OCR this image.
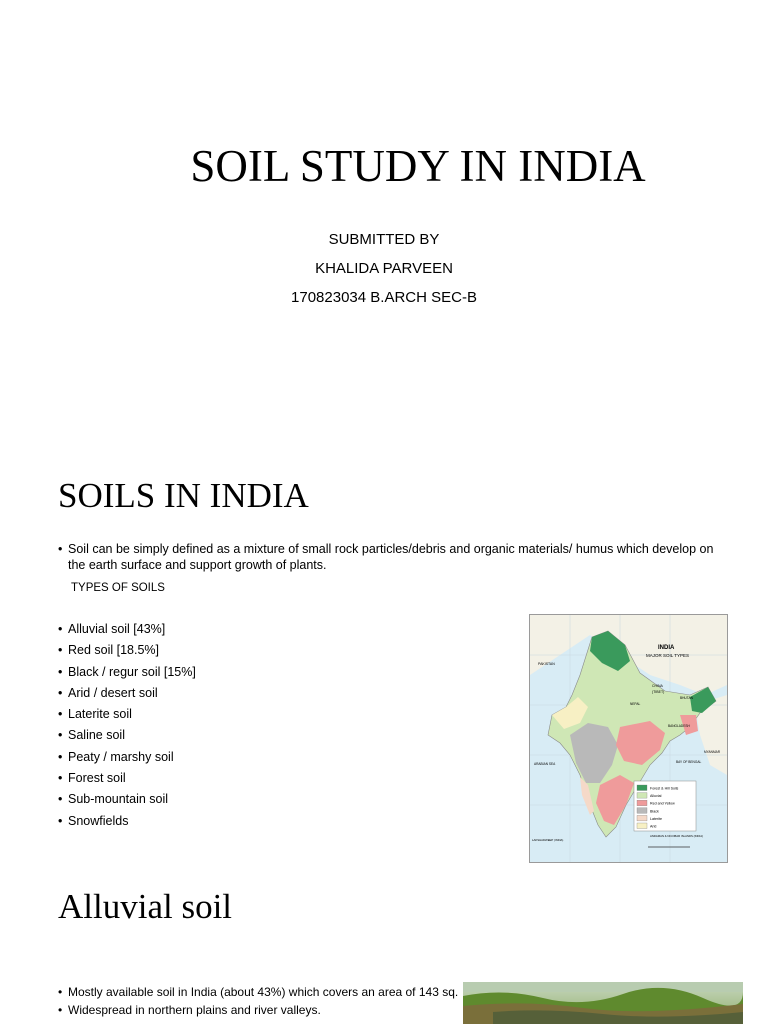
SOIL STUDY IN INDIA
SUBMITTED BY
KHALIDA PARVEEN
170823034 B.ARCH SEC-B
SOILS IN INDIA
• Soil can be simply defined as a mixture of small rock particles/debris and organic materials/ humus which develop on the earth surface and support growth of plants.
TYPES OF SOILS
• Alluvial soil [43%]
• Red soil [18.5%]
• Black / regur soil [15%]
• Arid / desert soil
• Laterite soil
• Saline soil
• Peaty / marshy soil
• Forest soil
• Sub-mountain soil
• Snowfields
INDIA
MAJOR SOIL TYPES
PAKISTAN
CHINA
(TIBET)
NEPAL
BHUTAN
BANGLADESH
MYANMAR
ARABIAN SEA	BAY OF BENGAL
LAKSHADWEEP (INDIA)
ANDAMAN & NICOBAR ISLANDS (INDIA)
Forest & Hill Soils
Alluvial
Red and Yellow
Black
Laterite
Arid
Alluvial soil
• Mostly available soil in India (about 43%) which covers an area of 143 sq.
• Widespread in northern plains and river valleys.
